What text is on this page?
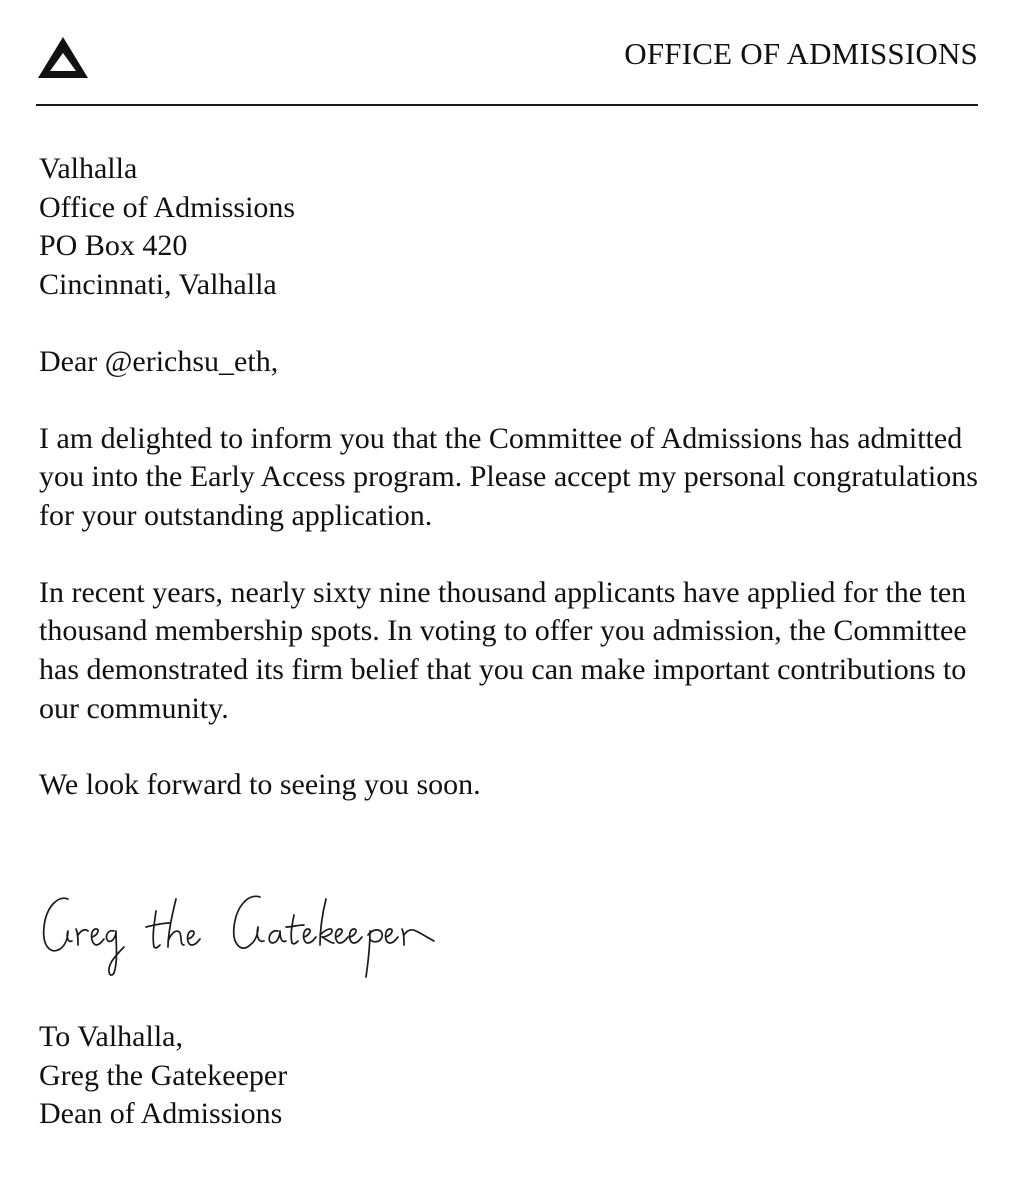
OFFICE OF ADMISSIONS
Valhalla
Office of Admissions
PO Box 420
Cincinnati, Valhalla
Dear @erichsu_eth,
I am delighted to inform you that the Committee of Admissions has admitted you into the Early Access program. Please accept my personal congratulations for your outstanding application.
In recent years, nearly sixty nine thousand applicants have applied for the ten thousand membership spots. In voting to offer you admission, the Committee has demonstrated its firm belief that you can make important contributions to our community.
We look forward to seeing you soon.
To Valhalla,
Greg the Gatekeeper
Dean of Admissions
